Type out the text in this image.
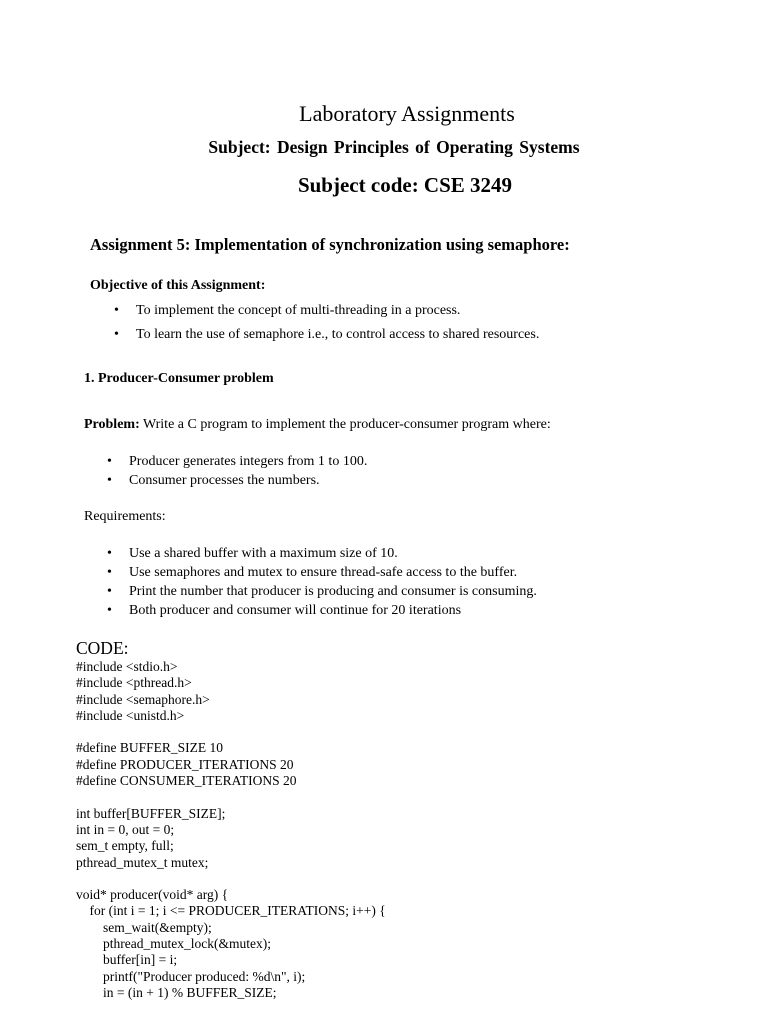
Laboratory Assignments
Subject: Design Principles of Operating Systems
Subject code: CSE 3249
Assignment 5: Implementation of synchronization using semaphore:
Objective of this Assignment:
• To implement the concept of multi-threading in a process.
• To learn the use of semaphore i.e., to control access to shared resources.
1. Producer-Consumer problem
Problem: Write a C program to implement the producer-consumer program where:
• Producer generates integers from 1 to 100.
• Consumer processes the numbers.
Requirements:
• Use a shared buffer with a maximum size of 10.
• Use semaphores and mutex to ensure thread-safe access to the buffer.
• Print the number that producer is producing and consumer is consuming.
• Both producer and consumer will continue for 20 iterations
CODE:
#include <stdio.h>
#include <pthread.h>
#include <semaphore.h>
#include <unistd.h>
#define BUFFER_SIZE 10
#define PRODUCER_ITERATIONS 20
#define CONSUMER_ITERATIONS 20
int buffer[BUFFER_SIZE];
int in = 0, out = 0;
sem_t empty, full;
pthread_mutex_t mutex;
void* producer(void* arg) {
for (int i = 1; i <= PRODUCER_ITERATIONS; i++) {
sem_wait(&empty);
pthread_mutex_lock(&mutex);
buffer[in] = i;
printf("Producer produced: %d\n", i);
in = (in + 1) % BUFFER_SIZE;
